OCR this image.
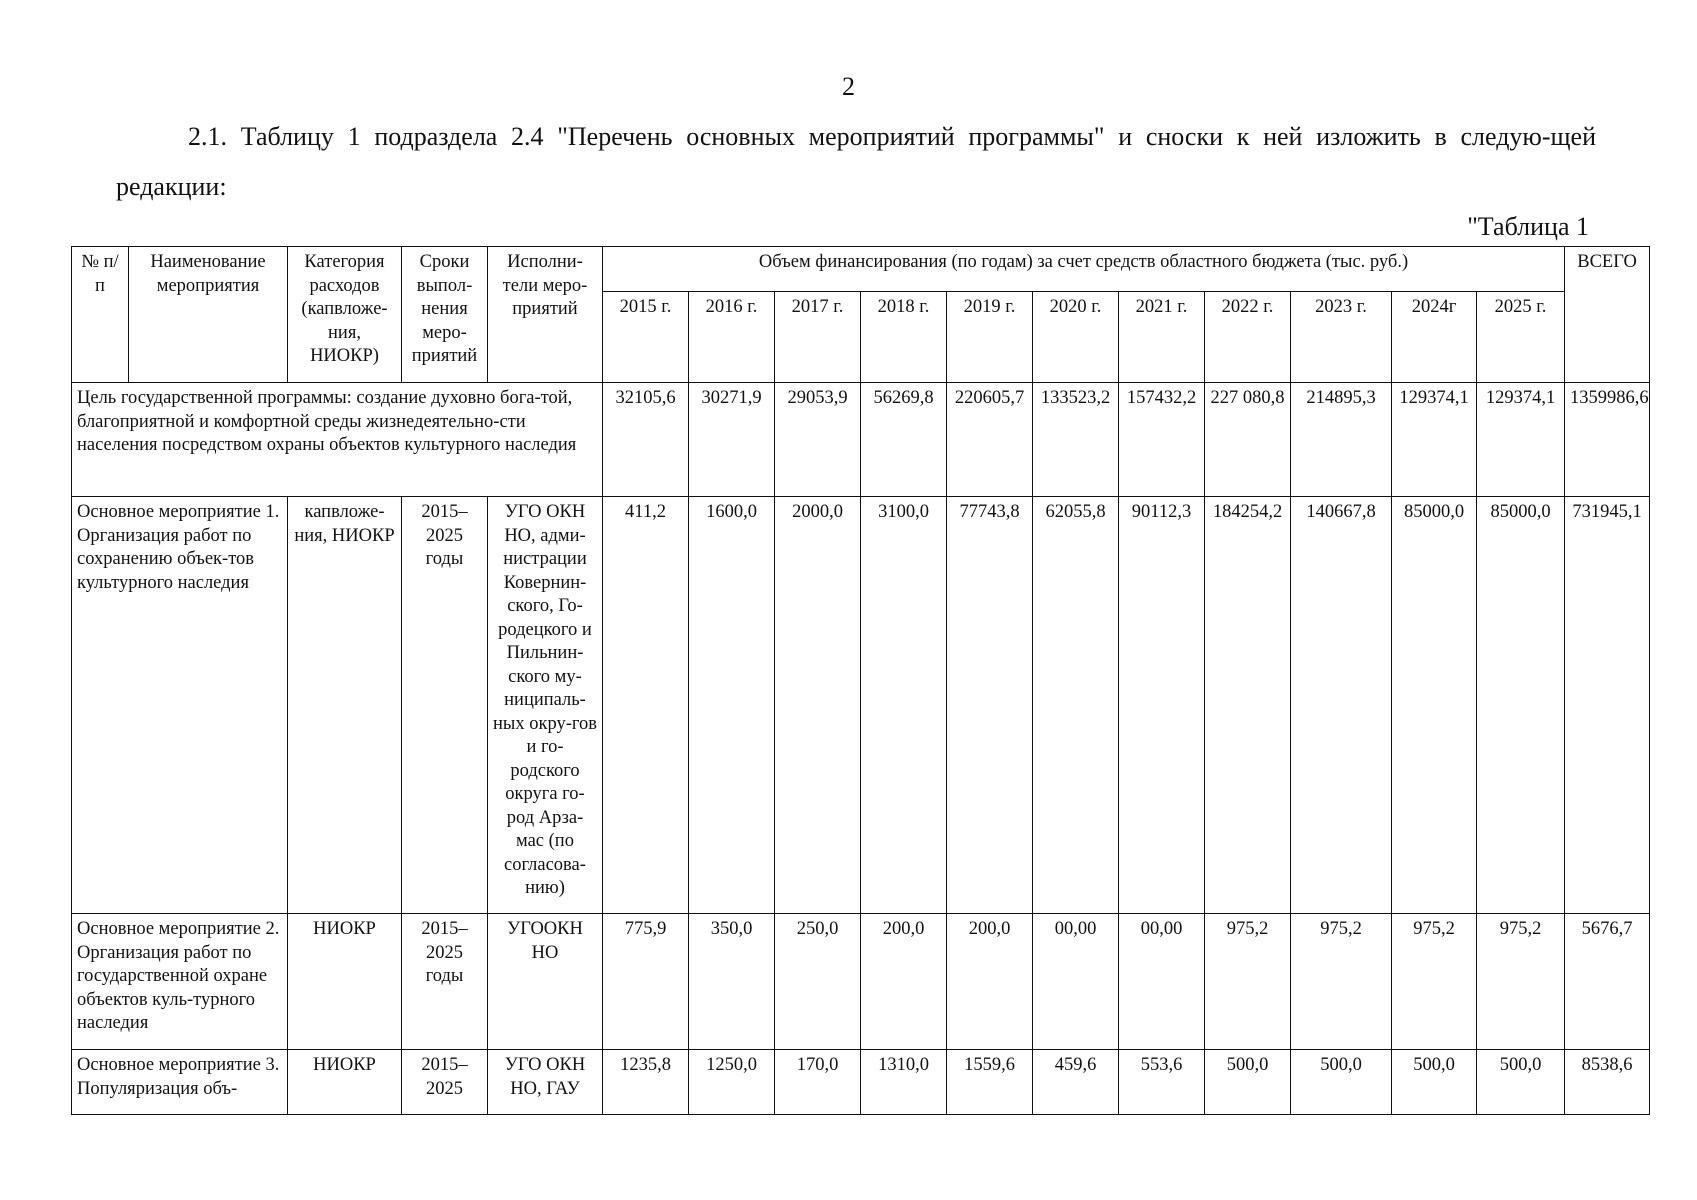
2
2.1. Таблицу 1 подраздела 2.4 "Перечень основных мероприятий программы" и сноски к ней изложить в следую-щей редакции:
"Таблица 1
№ п/п	Наименование мероприятия	Категория расходов (капвложе-ния, НИОКР)	Сроки выпол-нения меро-приятий	Исполни-тели меро-приятий	Объем финансирования (по годам) за счет средств областного бюджета (тыс. руб.)											ВСЕГО
					2015 г.	2016 г.	2017 г.	2018 г.	2019 г.	2020 г.	2021 г.	2022 г.	2023 г.	2024г	2025 г.	
Цель государственной программы: создание духовно бога-той, благоприятной и комфортной среды жизнедеятельно-сти населения посредством охраны объектов культурного наследия					32105,6	30271,9	29053,9	56269,8	220605,7	133523,2	157432,2	227 080,8	214895,3	129374,1	129374,1	1359986,6
Основное мероприятие 1. Организация работ по сохранению объек-тов культурного наследия		капвложе-ния, НИОКР	2015–2025 годы	УГО ОКН НО, адми-нистрации Ковернин-ского, Го-родецкого и Пильнин-ского му-ниципаль-ных окру-гов и го-родского округа го-род Арза-мас (по согласова-нию)	411,2	1600,0	2000,0	3100,0	77743,8	62055,8	90112,3	184254,2	140667,8	85000,0	85000,0	731945,1
Основное мероприятие 2. Организация работ по государственной охране объектов куль-турного наследия		НИОКР	2015–2025 годы	УГООКН НО	775,9	350,0	250,0	200,0	200,0	00,00	00,00	975,2	975,2	975,2	975,2	5676,7
Основное мероприятие 3. Популяризация объ-		НИОКР	2015–2025	УГО ОКН НО, ГАУ	1235,8	1250,0	170,0	1310,0	1559,6	459,6	553,6	500,0	500,0	500,0	500,0	8538,6
